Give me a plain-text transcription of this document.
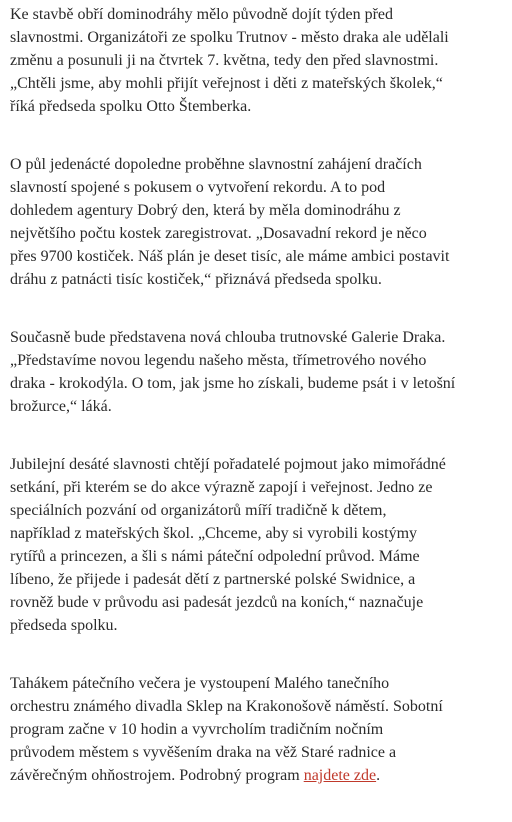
Ke stavbě obří dominodráhy mělo původně dojít týden před
slavnostmi. Organizátoři ze spolku Trutnov - město draka ale udělali
změnu a posunuli ji na čtvrtek 7. května, tedy den před slavnostmi.
„Chtěli jsme, aby mohli přijít veřejnost i děti z mateřských školek,“
říká předseda spolku Otto Štemberka.

O půl jedenácté dopoledne proběhne slavnostní zahájení dračích
slavností spojené s pokusem o vytvoření rekordu. A to pod
dohledem agentury Dobrý den, která by měla dominodráhu z
největšího počtu kostek zaregistrovat. „Dosavadní rekord je něco
přes 9700 kostiček. Náš plán je deset tisíc, ale máme ambici postavit
dráhu z patnácti tisíc kostiček,“ přiznává předseda spolku.

Současně bude představena nová chlouba trutnovské Galerie Draka.
„Představíme novou legendu našeho města, třímetrového nového
draka - krokodýla. O tom, jak jsme ho získali, budeme psát i v letošní
brožurce,“ láká.

Jubilejní desáté slavnosti chtějí pořadatelé pojmout jako mimořádné
setkání, při kterém se do akce výrazně zapojí i veřejnost. Jedno ze
speciálních pozvání od organizátorů míří tradičně k dětem,
například z mateřských škol. „Chceme, aby si vyrobili kostýmy
rytířů a princezen, a šli s námi páteční odpolední průvod. Máme
líbeno, že přijede i padesát dětí z partnerské polské Swidnice, a
rovněž bude v průvodu asi padesát jezdců na koních,“ naznačuje
předseda spolku.

Tahákem pátečního večera je vystoupení Malého tanečního
orchestru známého divadla Sklep na Krakonošově náměstí. Sobotní
program začne v 10 hodin a vyvrcholím tradičním nočním
průvodem městem s vyvěšením draka na věž Staré radnice a
závěrečným ohňostrojem. Podrobný program najdete zde.
